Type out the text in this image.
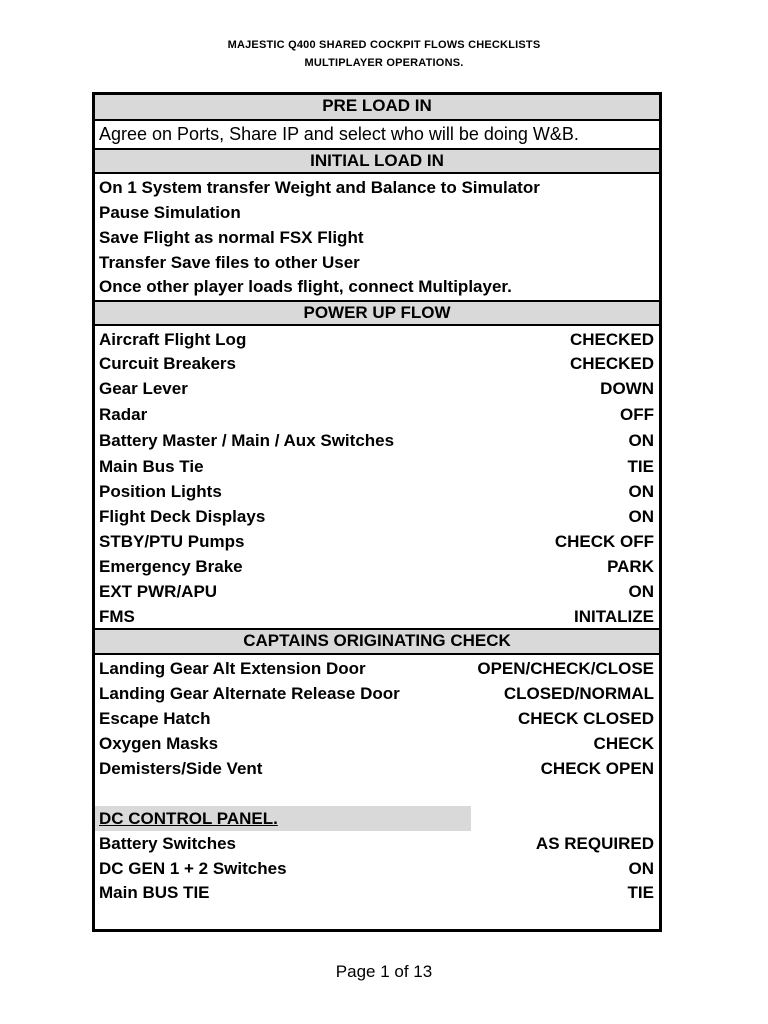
MAJESTIC Q400 SHARED COCKPIT FLOWS CHECKLISTS
MULTIPLAYER OPERATIONS.
PRE LOAD IN
Agree on Ports, Share IP and select who will be doing W&B.
INITIAL LOAD IN
On 1 System transfer Weight and Balance to Simulator
Pause Simulation
Save Flight as normal FSX Flight
Transfer Save files to other User
Once other player loads flight, connect Multiplayer.
POWER UP FLOW
Aircraft Flight Log	CHECKED
Curcuit Breakers	CHECKED
Gear Lever	DOWN
Radar	OFF
Battery Master / Main / Aux Switches	ON
Main Bus Tie	TIE
Position Lights	ON
Flight Deck Displays	ON
STBY/PTU Pumps	CHECK OFF
Emergency Brake	PARK
EXT PWR/APU	ON
FMS	INITALIZE
CAPTAINS ORIGINATING CHECK
Landing Gear Alt Extension Door	OPEN/CHECK/CLOSE
Landing Gear Alternate Release Door	CLOSED/NORMAL
Escape Hatch	CHECK CLOSED
Oxygen Masks	CHECK
Demisters/Side Vent	CHECK OPEN
DC CONTROL PANEL.
Battery Switches	AS REQUIRED
DC GEN 1 + 2 Switches	ON
Main BUS TIE	TIE
Page 1 of 13
